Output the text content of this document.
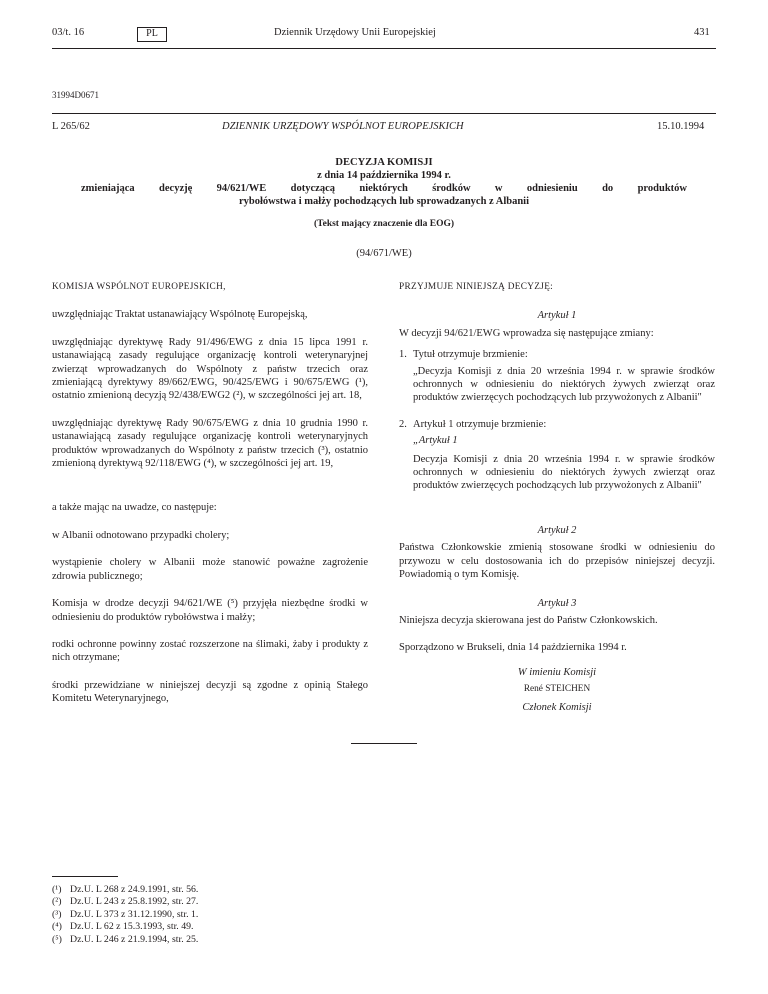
03/t. 16	PL	Dziennik Urzędowy Unii Europejskiej	431
31994D0671
L 265/62	DZIENNIK URZĘDOWY WSPÓLNOT EUROPEJSKICH	15.10.1994
DECYZJA KOMISJI
z dnia 14 października 1994 r.
zmieniająca decyzję 94/621/WE dotyczącą niektórych środków w odniesieniu do produktów
rybołówstwa i małży pochodzących lub sprowadzanych z Albanii
(Tekst mający znaczenie dla EOG)
(94/671/WE)
KOMISJA WSPÓLNOT EUROPEJSKICH,
uwzględniając Traktat ustanawiający Wspólnotę Europejską,
uwzględniając dyrektywę Rady 91/496/EWG z dnia 15 lipca 1991 r. ustanawiającą zasady regulujące organizację kontroli weterynaryjnej zwierząt wprowadzanych do Wspólnoty z państw trzecich oraz zmieniającą dyrektywy 89/662/EWG, 90/425/EWG i 90/675/EWG (¹), ostatnio zmienioną decyzją 92/438/EWG2 (²), w szczególności jej art. 18,
uwzględniając dyrektywę Rady 90/675/EWG z dnia 10 grudnia 1990 r. ustanawiającą zasady regulujące organizację kontroli weterynaryjnych produktów wprowadzanych do Wspólnoty z państw trzecich (³), ostatnio zmienioną dyrektywą 92/118/EWG (⁴), w szczególności jej art. 19,
a także mając na uwadze, co następuje:
w Albanii odnotowano przypadki cholery;
wystąpienie cholery w Albanii może stanowić poważne zagrożenie zdrowia publicznego;
Komisja w drodze decyzji 94/621/WE (⁵) przyjęła niezbędne środki w odniesieniu do produktów rybołówstwa i małży;
rodki ochronne powinny zostać rozszerzone na ślimaki, żaby i produkty z nich otrzymane;
środki przewidziane w niniejszej decyzji są zgodne z opinią Stałego Komitetu Weterynaryjnego,
PRZYJMUJE NINIEJSZĄ DECYZJĘ:
Artykuł 1
W decyzji 94/621/EWG wprowadza się następujące zmiany:
1. Tytuł otrzymuje brzmienie:
„Decyzja Komisji z dnia 20 września 1994 r. w sprawie środków ochronnych w odniesieniu do niektórych żywych zwierząt oraz produktów zwierzęcych pochodzących lub przywożonych z Albanii"
2. Artykuł 1 otrzymuje brzmienie:
„Artykuł 1
Decyzja Komisji z dnia 20 września 1994 r. w sprawie środków ochronnych w odniesieniu do niektórych żywych zwierząt oraz produktów zwierzęcych pochodzących lub przywożonych z Albanii"
Artykuł 2
Państwa Członkowskie zmienią stosowane środki w odniesieniu do przywozu w celu dostosowania ich do przepisów niniejszej decyzji. Powiadomią o tym Komisję.
Artykuł 3
Niniejsza decyzja skierowana jest do Państw Członkowskich.
Sporządzono w Brukseli, dnia 14 października 1994 r.
W imieniu Komisji
René STEICHEN
Członek Komisji
(¹) Dz.U. L 268 z 24.9.1991, str. 56.
(²) Dz.U. L 243 z 25.8.1992, str. 27.
(³) Dz.U. L 373 z 31.12.1990, str. 1.
(⁴) Dz.U. L 62 z 15.3.1993, str. 49.
(⁵) Dz.U. L 246 z 21.9.1994, str. 25.
